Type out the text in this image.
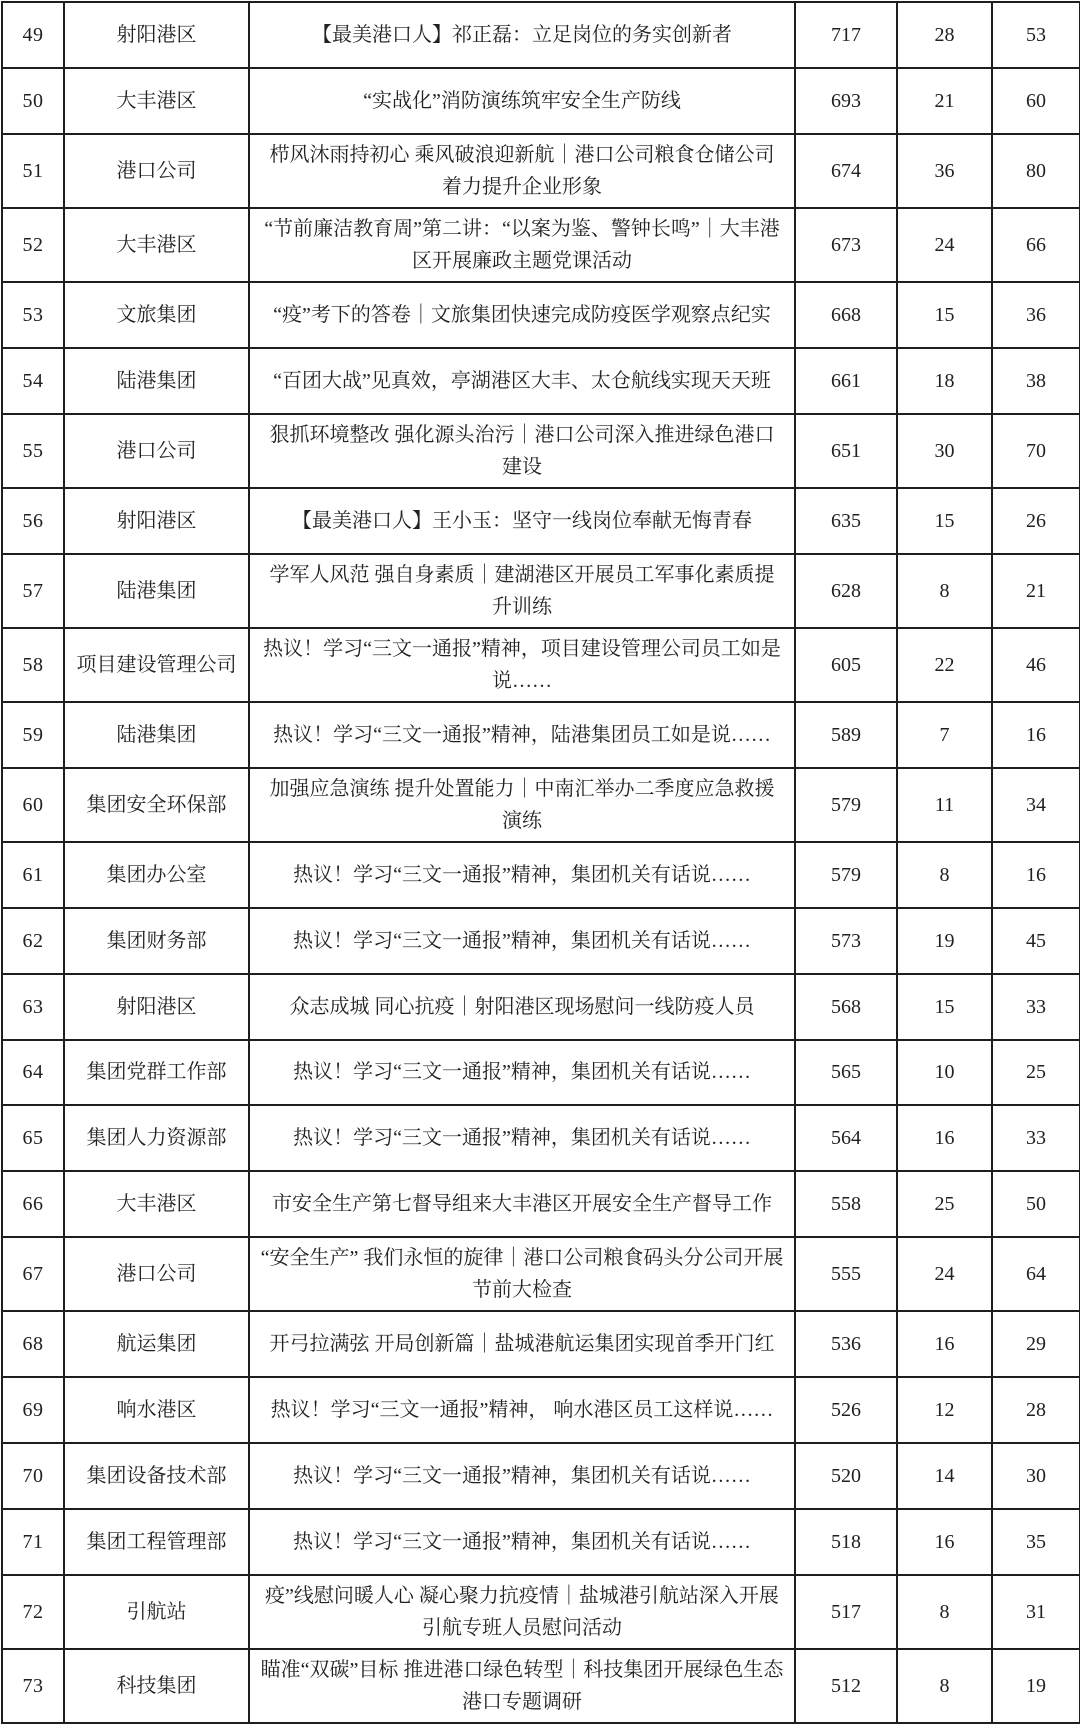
49	射阳港区	【最美港口人】祁正磊：立足岗位的务实创新者	717	28	53
50	大丰港区	“实战化”消防演练筑牢安全生产防线	693	21	60
51	港口公司	栉风沐雨持初心 乘风破浪迎新航｜港口公司粮食仓储公司着力提升企业形象	674	36	80
52	大丰港区	“节前廉洁教育周”第二讲：“以案为鉴、警钟长鸣”｜大丰港区开展廉政主题党课活动	673	24	66
53	文旅集团	“疫”考下的答卷｜文旅集团快速完成防疫医学观察点纪实	668	15	36
54	陆港集团	“百团大战”见真效，亭湖港区大丰、太仓航线实现天天班	661	18	38
55	港口公司	狠抓环境整改 强化源头治污｜港口公司深入推进绿色港口建设	651	30	70
56	射阳港区	【最美港口人】王小玉：坚守一线岗位奉献无悔青春	635	15	26
57	陆港集团	学军人风范 强自身素质｜建湖港区开展员工军事化素质提升训练	628	8	21
58	项目建设管理公司	热议！学习“三文一通报”精神，项目建设管理公司员工如是说……	605	22	46
59	陆港集团	热议！学习“三文一通报”精神，陆港集团员工如是说……	589	7	16
60	集团安全环保部	加强应急演练 提升处置能力｜中南汇举办二季度应急救援演练	579	11	34
61	集团办公室	热议！学习“三文一通报”精神，集团机关有话说……	579	8	16
62	集团财务部	热议！学习“三文一通报”精神，集团机关有话说……	573	19	45
63	射阳港区	众志成城 同心抗疫｜射阳港区现场慰问一线防疫人员	568	15	33
64	集团党群工作部	热议！学习“三文一通报”精神，集团机关有话说……	565	10	25
65	集团人力资源部	热议！学习“三文一通报”精神，集团机关有话说……	564	16	33
66	大丰港区	市安全生产第七督导组来大丰港区开展安全生产督导工作	558	25	50
67	港口公司	“安全生产” 我们永恒的旋律｜港口公司粮食码头分公司开展节前大检查	555	24	64
68	航运集团	开弓拉满弦 开局创新篇｜盐城港航运集团实现首季开门红	536	16	29
69	响水港区	热议！学习“三文一通报”精神， 响水港区员工这样说……	526	12	28
70	集团设备技术部	热议！学习“三文一通报”精神，集团机关有话说……	520	14	30
71	集团工程管理部	热议！学习“三文一通报”精神，集团机关有话说……	518	16	35
72	引航站	疫”线慰问暖人心 凝心聚力抗疫情｜盐城港引航站深入开展引航专班人员慰问活动	517	8	31
73	科技集团	瞄准“双碳”目标 推进港口绿色转型｜科技集团开展绿色生态港口专题调研	512	8	19
